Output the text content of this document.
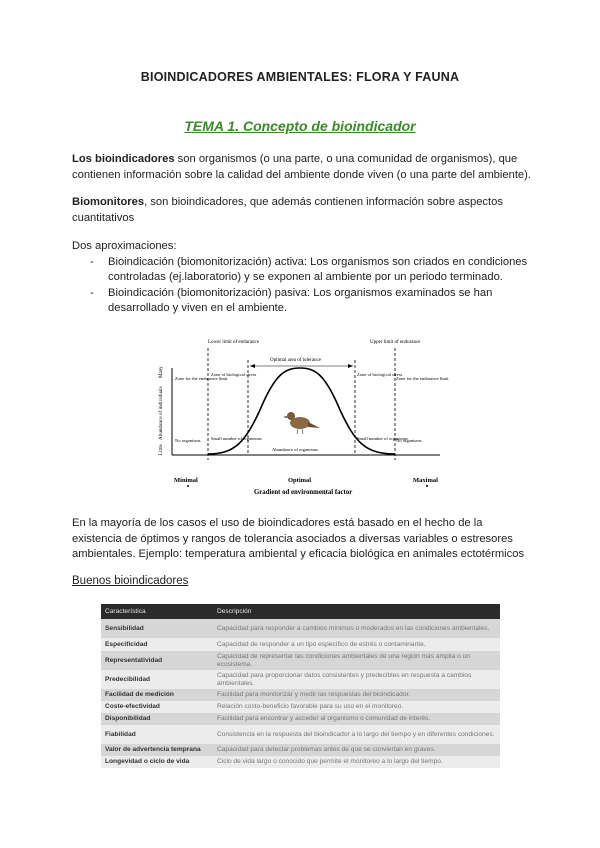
BIOINDICADORES AMBIENTALES: FLORA Y FAUNA
TEMA 1. Concepto de bioindicador
Los bioindicadores son organismos (o una parte, o una comunidad de organismos), que contienen información sobre la calidad del ambiente donde viven (o una parte del ambiente).
Biomonitores, son bioindicadores, que además contienen información sobre aspectos cuantitativos
Dos aproximaciones:
- Bioindicación (biomonitorización) activa: Los organismos son criados en condiciones controladas (ej.laboratorio) y se exponen al ambiente por un periodo terminado.
- Bioindicación (biomonitorización) pasiva: Los organismos examinados se han desarrollado y viven en el ambiente.
Lower limit of endurance	Upper limit of endurance
Optimal area of tolerance
Zone for the endurance limit
Zone of biological stress	Zone of biological stress
Zone for the endurance limit
No organisms Small number of organisms	Small number of organisms
No organisms
Abundance of organisms
Many
Little
Abundance of individuals
Minimal	Optimal	Maximal
Gradient od environmental factor
En la mayoría de los casos el uso de bioindicadores está basado en el hecho de la existencia de óptimos y rangos de tolerancia asociados a diversas variables o estresores ambientales. Ejemplo: temperatura ambiental y eficacia biológica en animales ectotérmicos
Buenos bioindicadores
Característica	Descripción
Sensibilidad	Capacidad para responder a cambios mínimos o moderados en las condiciones ambientales.
Especificidad	Capacidad de responder a un tipo específico de estrés o contaminante.
Representatividad	Capacidad de representar las condiciones ambientales de una región más amplia o un ecosistema.
Predecibilidad	Capacidad para proporcionar datos consistentes y predecibles en respuesta a cambios ambientales.
Facilidad de medición	Facilidad para monitorizar y medir las respuestas del bioindicador.
Coste-efectividad	Relación costo-beneficio favorable para su uso en el monitoreo.
Disponibilidad	Facilidad para encontrar y acceder al organismo o comunidad de interés.
Fiabilidad	Consistencia en la respuesta del bioindicador a lo largo del tiempo y en diferentes condiciones.
Valor de advertencia temprana	Capacidad para detectar problemas antes de que se conviertan en graves.
Longevidad o ciclo de vida	Ciclo de vida largo o conocido que permite el monitoreo a lo largo del tiempo.
